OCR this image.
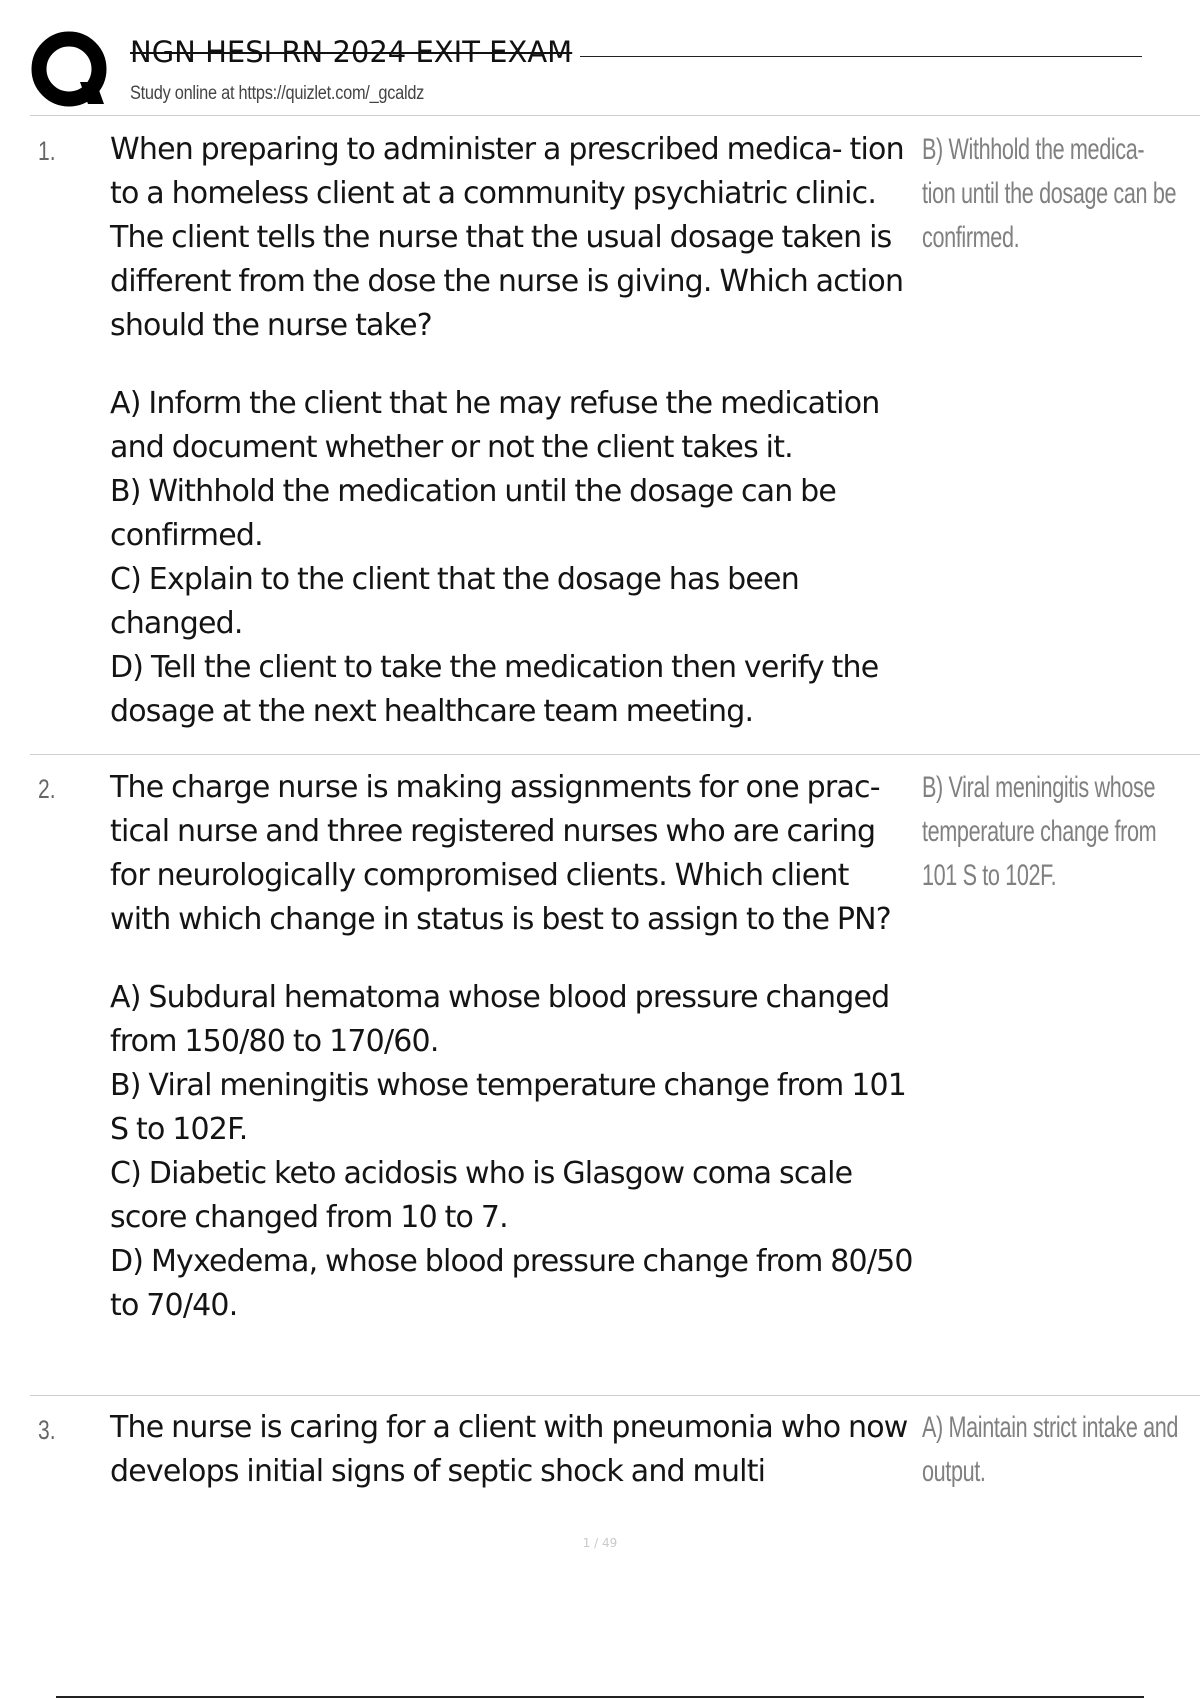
NGN HESI RN 2024 EXIT EXAM
Study online at https://quizlet.com/_gcaldz
1. When preparing to administer a prescribed medica- tion to a homeless client at a community psychiatric clinic. The client tells the nurse that the usual dosage taken is different from the dose the nurse is giving. Which action should the nurse take?
A) Inform the client that he may refuse the medication and document whether or not the client takes it.
B) Withhold the medication until the dosage can be confirmed.
C) Explain to the client that the dosage has been changed.
D) Tell the client to take the medication then verify the dosage at the next healthcare team meeting.
B) Withhold the medica- tion until the dosage can be confirmed.
2. The charge nurse is making assignments for one prac- tical nurse and three registered nurses who are caring for neurologically compromised clients. Which client with which change in status is best to assign to the PN?
A) Subdural hematoma whose blood pressure changed from 150/80 to 170/60.
B) Viral meningitis whose temperature change from 101 S to 102F.
C) Diabetic keto acidosis who is Glasgow coma scale score changed from 10 to 7.
D) Myxedema, whose blood pressure change from 80/50 to 70/40.
B) Viral meningitis whose temperature change from 101 S to 102F.
3. The nurse is caring for a client with pneumonia who now develops initial signs of septic shock and multi
A) Maintain strict intake and output.
1 / 49
